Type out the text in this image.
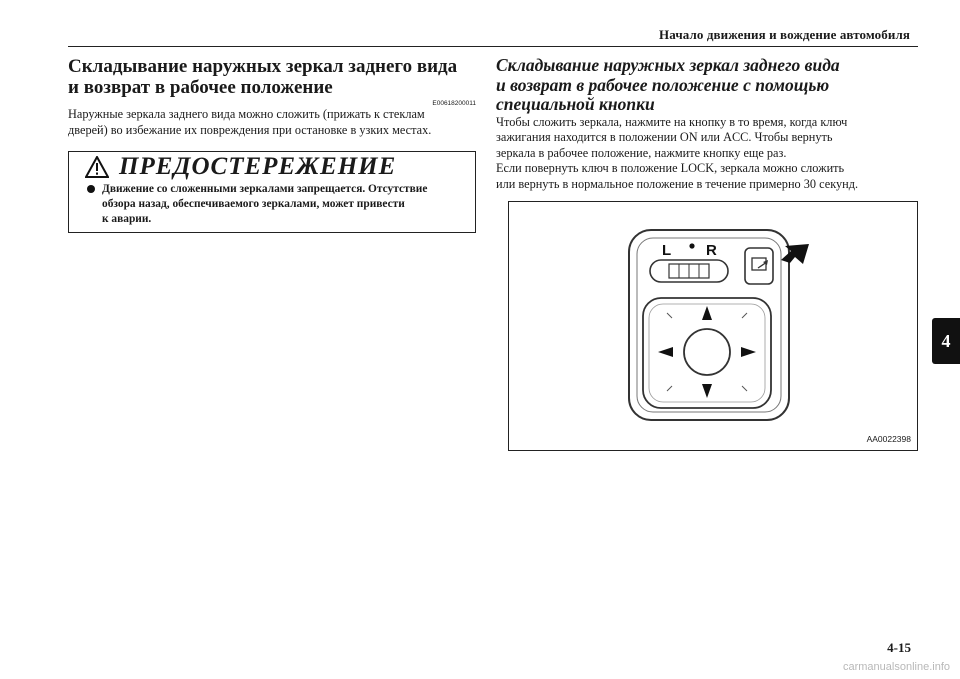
Начало движения и вождение автомобиля
4

Складывание наружных зеркал заднего вида
и возврат в рабочее положение

E00618200011

Наружные зеркала заднего вида можно сложить (прижать к стеклам
дверей) во избежание их повреждения при остановке в узких местах.

ПРЕДОСТЕРЕЖЕНИЕ
Движение со сложенными зеркалами запрещается. Отсутствие
обзора назад, обеспечиваемого зеркалами, может привести
к аварии.

Складывание наружных зеркал заднего вида
и возврат в рабочее положение с помощью
специальной кнопки

Чтобы сложить зеркала, нажмите на кнопку в то время, когда ключ
зажигания находится в положении ON или ACC. Чтобы вернуть
зеркала в рабочее положение, нажмите кнопку еще раз.
Если повернуть ключ в положение LOCK, зеркала можно сложить
или вернуть в нормальное положение в течение примерно 30 секунд.

L R
AA0022398
4-15
carmanualsonline.info
